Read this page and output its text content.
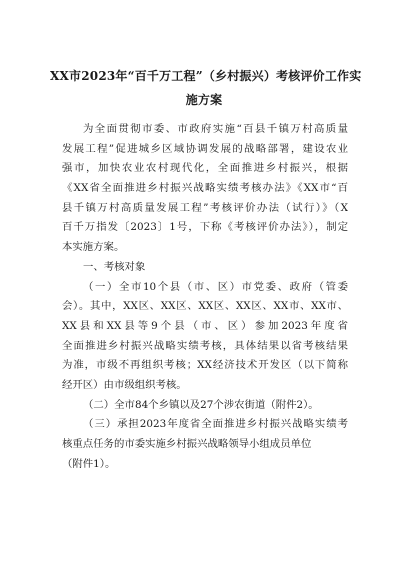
XX市2023年“百千万工程”（乡村振兴）考核评价工作实
施方案
为全面贯彻市委、市政府实施“百县千镇万村高质量
发展工程”促进城乡区域协调发展的战略部署，建设农业
强市，加快农业农村现代化，全面推进乡村振兴，根据
《XX省全面推进乡村振兴战略实绩考核办法》《XX市“百
县千镇万村高质量发展工程”考核评价办法（试行）》（X
百千万指发〔2023〕1号，下称《考核评价办法》），制定
本实施方案。
一、考核对象
（一）全市10个县（市、区）市党委、政府（管委
会）。其中，XX区、XX区、XX区、XX区、XX市、XX市、
XX县和XX县等9个县（市、区）参加2023年度省
全面推进乡村振兴战略实绩考核，具体结果以省考核结果
为准，市级不再组织考核；XX经济技术开发区（以下简称
经开区）由市级组织考核。
（二）全市84个乡镇以及27个涉农街道（附件2）。
（三）承担2023年度省全面推进乡村振兴战略实绩考
核重点任务的市委实施乡村振兴战略领导小组成员单位
（附件1）。
